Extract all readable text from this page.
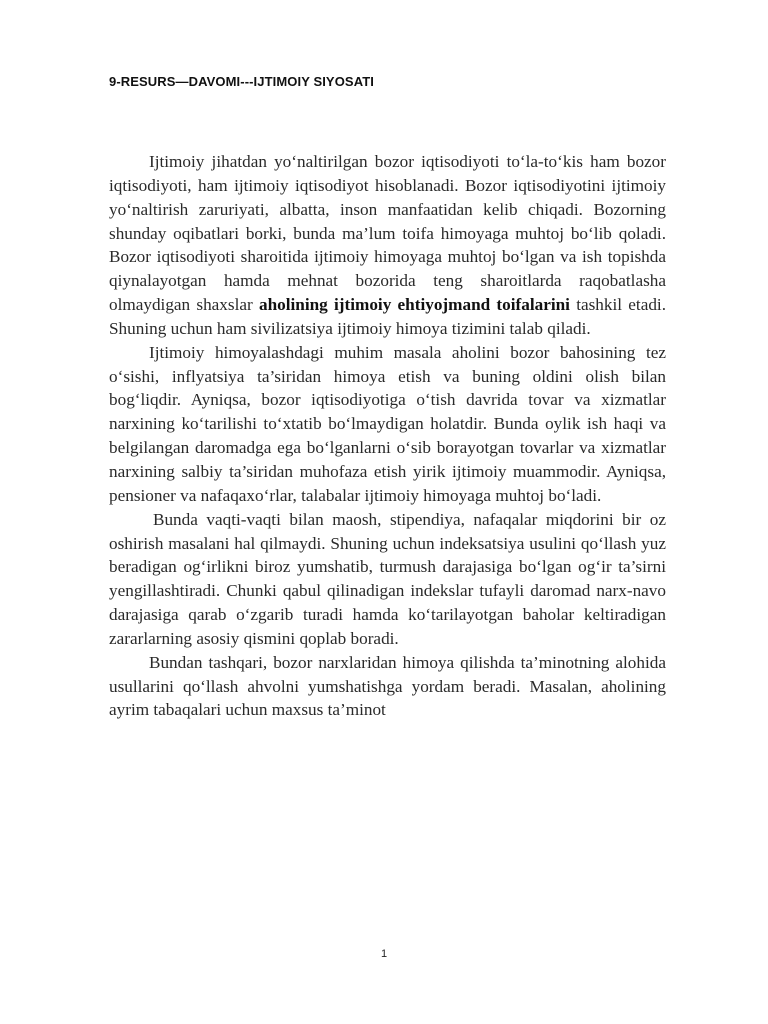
9-RESURS—DAVOMI---IJTIMOIY SIYOSATI

Ijtimoiy jihatdan yo‘naltirilgan bozor iqtisodiyoti to‘la-to‘kis ham bozor iqtisodiyoti, ham ijtimoiy iqtisodiyot hisoblanadi. Bozor iqtisodiyotini ijtimoiy yo‘naltirish zaruriyati, albatta, inson manfaatidan kelib chiqadi. Bozorning shunday oqibatlari borki, bunda ma’lum toifa himoyaga muhtoj bo‘lib qoladi. Bozor iqtisodiyoti sharoitida ijtimoiy himoyaga muhtoj bo‘lgan va ish topishda qiynalayotgan hamda mehnat bozorida teng sharoitlarda raqobatlasha olmaydigan shaxslar aholining ijtimoiy ehtiyojmand toifalarini tashkil etadi. Shuning uchun ham sivilizatsiya ijtimoiy himoya tizimini talab qiladi.

Ijtimoiy himoyalashdagi muhim masala aholini bozor bahosining tez o‘sishi, inflyatsiya ta’siridan himoya etish va buning oldini olish bilan bog‘liqdir. Ayniqsa, bozor iqtisodiyotiga o‘tish davrida tovar va xizmatlar narxining ko‘tarilishi to‘xtatib bo‘lmaydigan holatdir. Bunda oylik ish haqi va belgilangan daromadga ega bo‘lganlarni o‘sib borayotgan tovarlar va xizmatlar narxining salbiy ta’siridan muhofaza etish yirik ijtimoiy muammodir. Ayniqsa, pensioner va nafaqaxo‘rlar, talabalar ijtimoiy himoyaga muhtoj bo‘ladi.

Bunda vaqti-vaqti bilan maosh, stipendiya, nafaqalar miqdorini bir oz oshirish masalani hal qilmaydi. Shuning uchun indeksatsiya usulini qo‘llash yuz beradigan og‘irlikni biroz yumshatib, turmush darajasiga bo‘lgan og‘ir ta’sirni yengillashtiradi. Chunki qabul qilinadigan indekslar tufayli daromad narx-navo darajasiga qarab o‘zgarib turadi hamda ko‘tarilayotgan baholar keltiradigan zararlarning asosiy qismini qoplab boradi.

Bundan tashqari, bozor narxlaridan himoya qilishda ta’minotning alohida usullarini qo‘llash ahvolni yumshatishga yordam beradi. Masalan, aholining ayrim tabaqalari uchun maxsus ta’minot

1
